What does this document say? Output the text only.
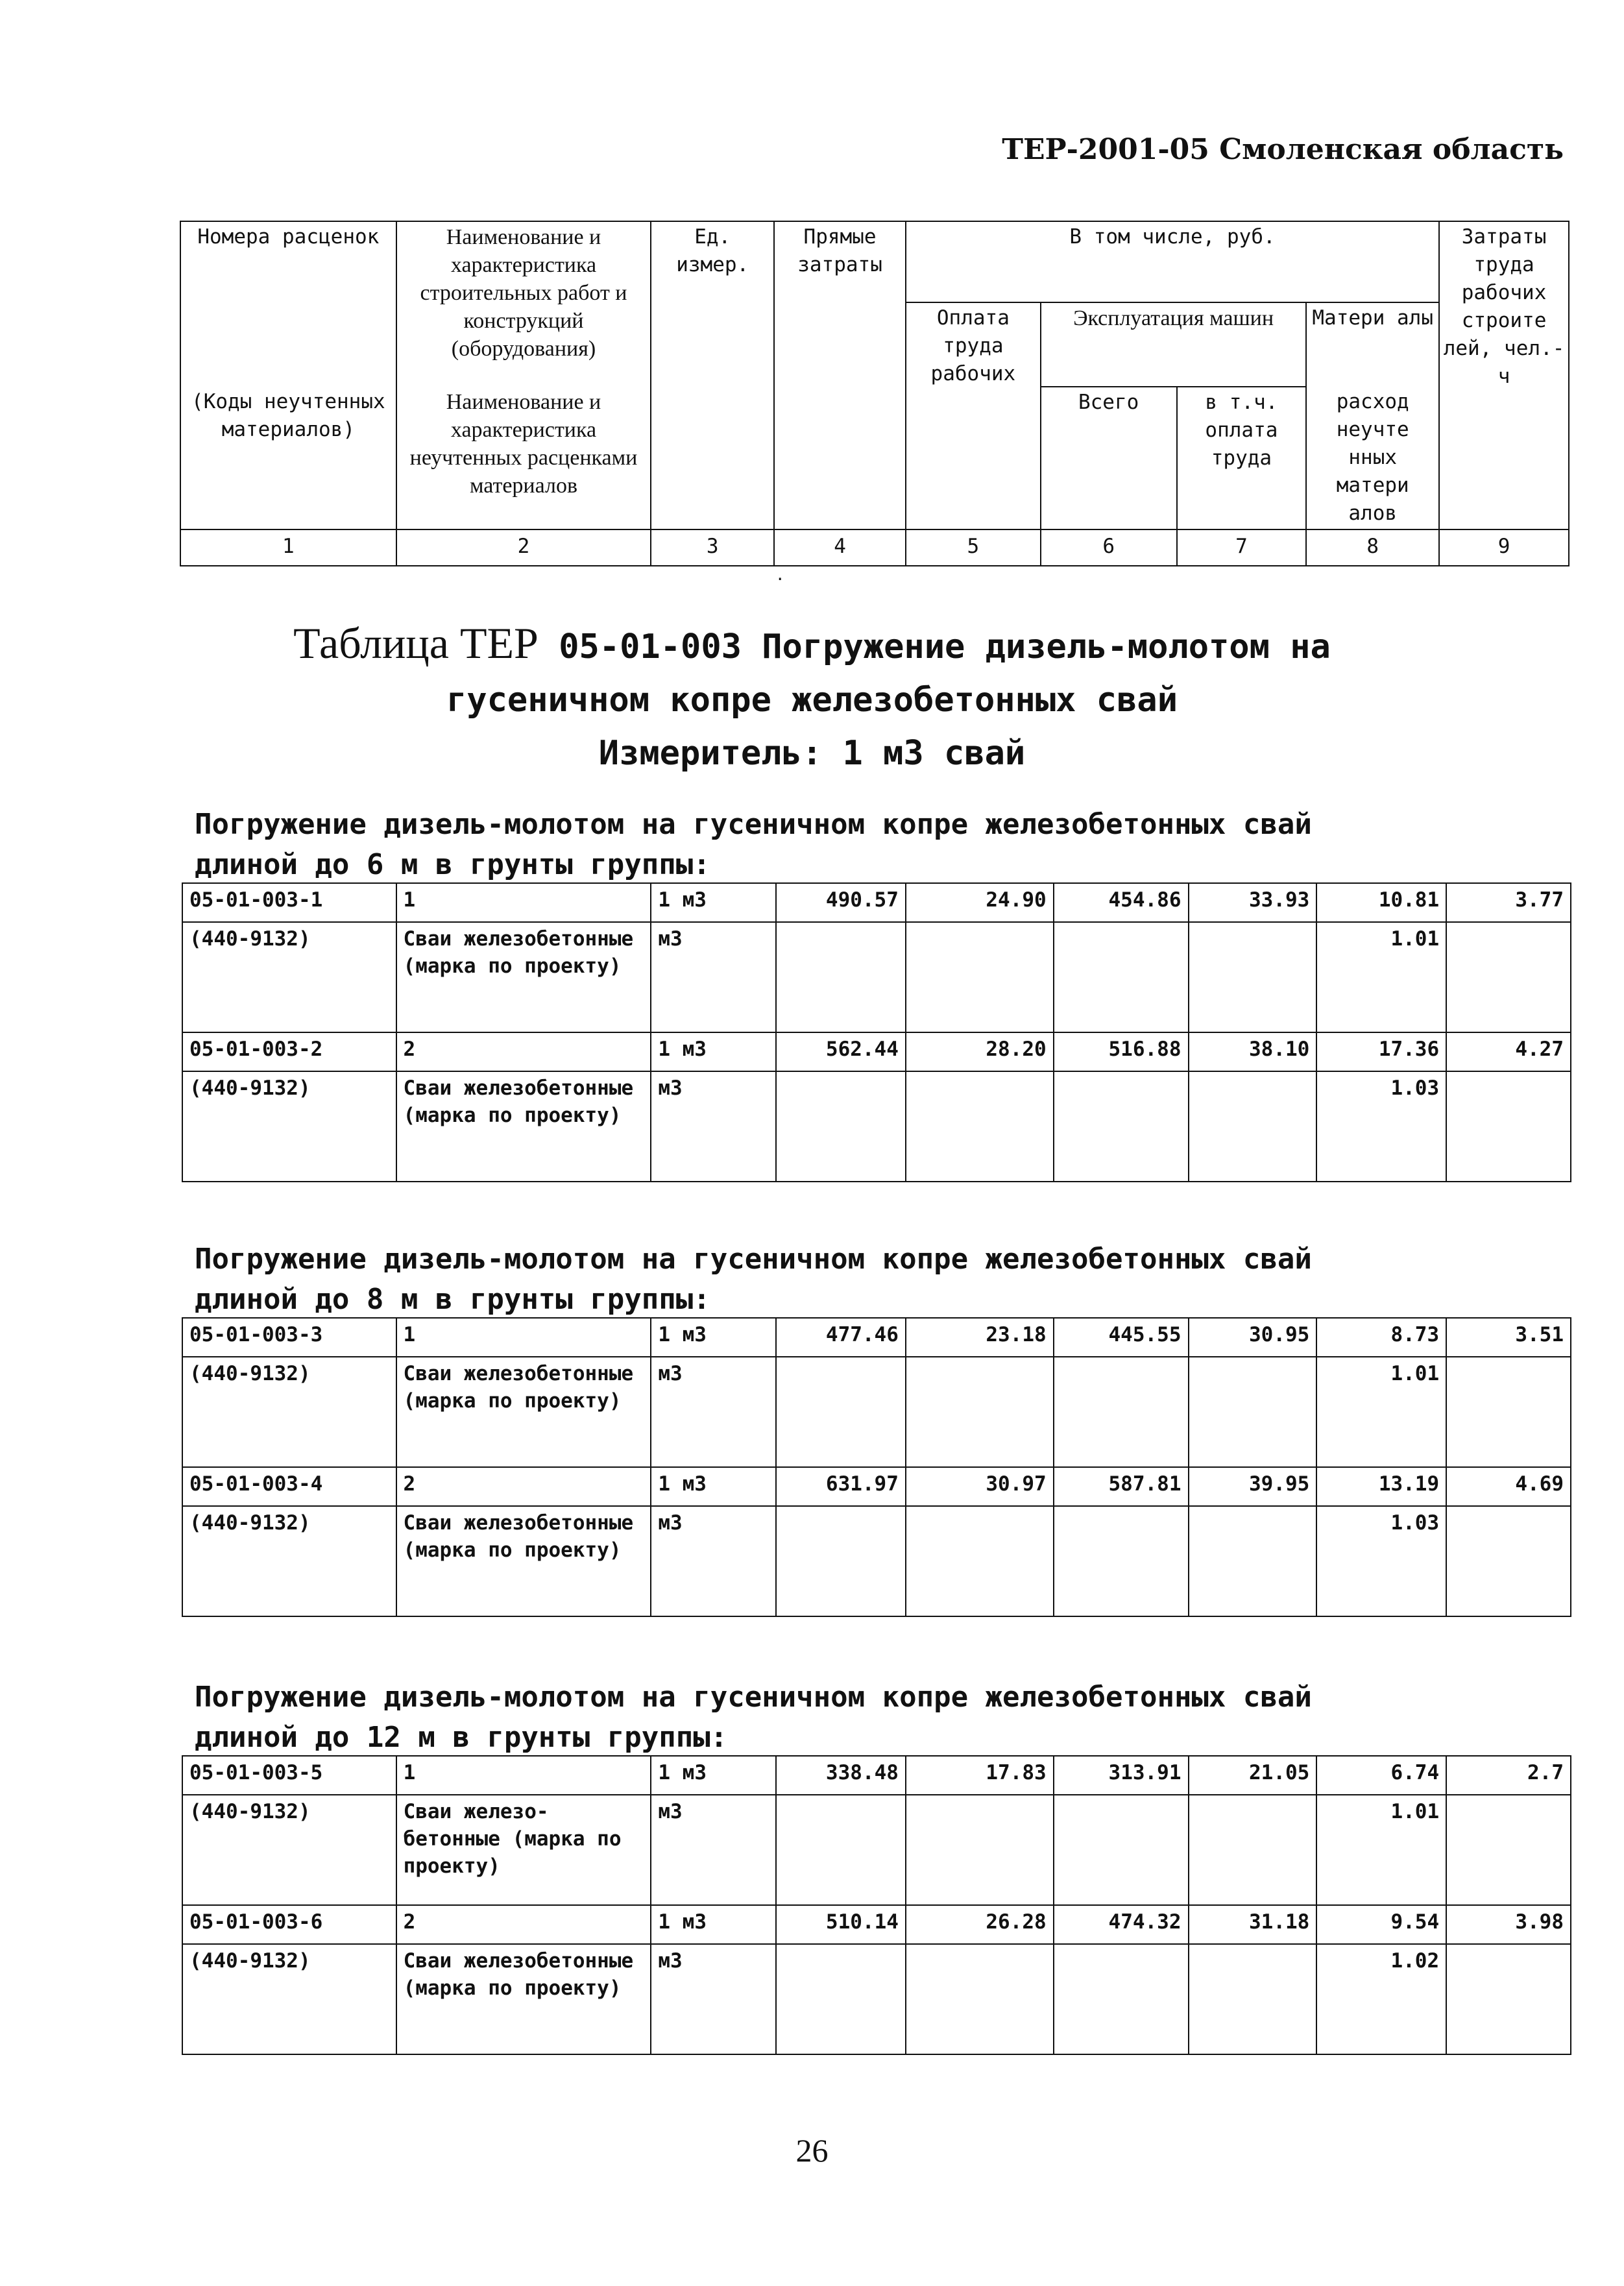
ТЕР-2001-05 Смоленская область
Номера расценок	Наименование и характеристика строительных работ и конструкций (оборудования)	Ед. измер.	Прямые затраты	В том числе, руб.				Затраты труда рабочих строите лей, чел.-ч
				Оплата труда рабочих	Эксплуатация машин		Матери алы	
(Коды неучтенных материалов)	Наименование и характеристика неучтенных расценками материалов				Всего	в т.ч. оплата труда	расход неучте нных матери алов	
1	2	3	4	5	6	7	8	9
.
Таблица ТЕР 05-01-003 Погружение дизель-молотом на
гусеничном копре железобетонных свай
Измеритель: 1 м3 свай
Погружение дизель-молотом на гусеничном копре железобетонных свай
длиной до 6 м в грунты группы:
05-01-003-1	1	1 м3	490.57	24.90	454.86	33.93	10.81	3.77
(440-9132)	Сваи железобетонные (марка по проекту)	м3					1.01	
05-01-003-2	2	1 м3	562.44	28.20	516.88	38.10	17.36	4.27
(440-9132)	Сваи железобетонные (марка по проекту)	м3					1.03	
Погружение дизель-молотом на гусеничном копре железобетонных свай
длиной до 8 м в грунты группы:
05-01-003-3	1	1 м3	477.46	23.18	445.55	30.95	8.73	3.51
(440-9132)	Сваи железобетонные (марка по проекту)	м3					1.01	
05-01-003-4	2	1 м3	631.97	30.97	587.81	39.95	13.19	4.69
(440-9132)	Сваи железобетонные (марка по проекту)	м3					1.03	
Погружение дизель-молотом на гусеничном копре железобетонных свай
длиной до 12 м в грунты группы:
05-01-003-5	1	1 м3	338.48	17.83	313.91	21.05	6.74	2.7
(440-9132)	Сваи железо- бетонные (марка по проекту)	м3					1.01	
05-01-003-6	2	1 м3	510.14	26.28	474.32	31.18	9.54	3.98
(440-9132)	Сваи железобетонные (марка по проекту)	м3					1.02	
26
